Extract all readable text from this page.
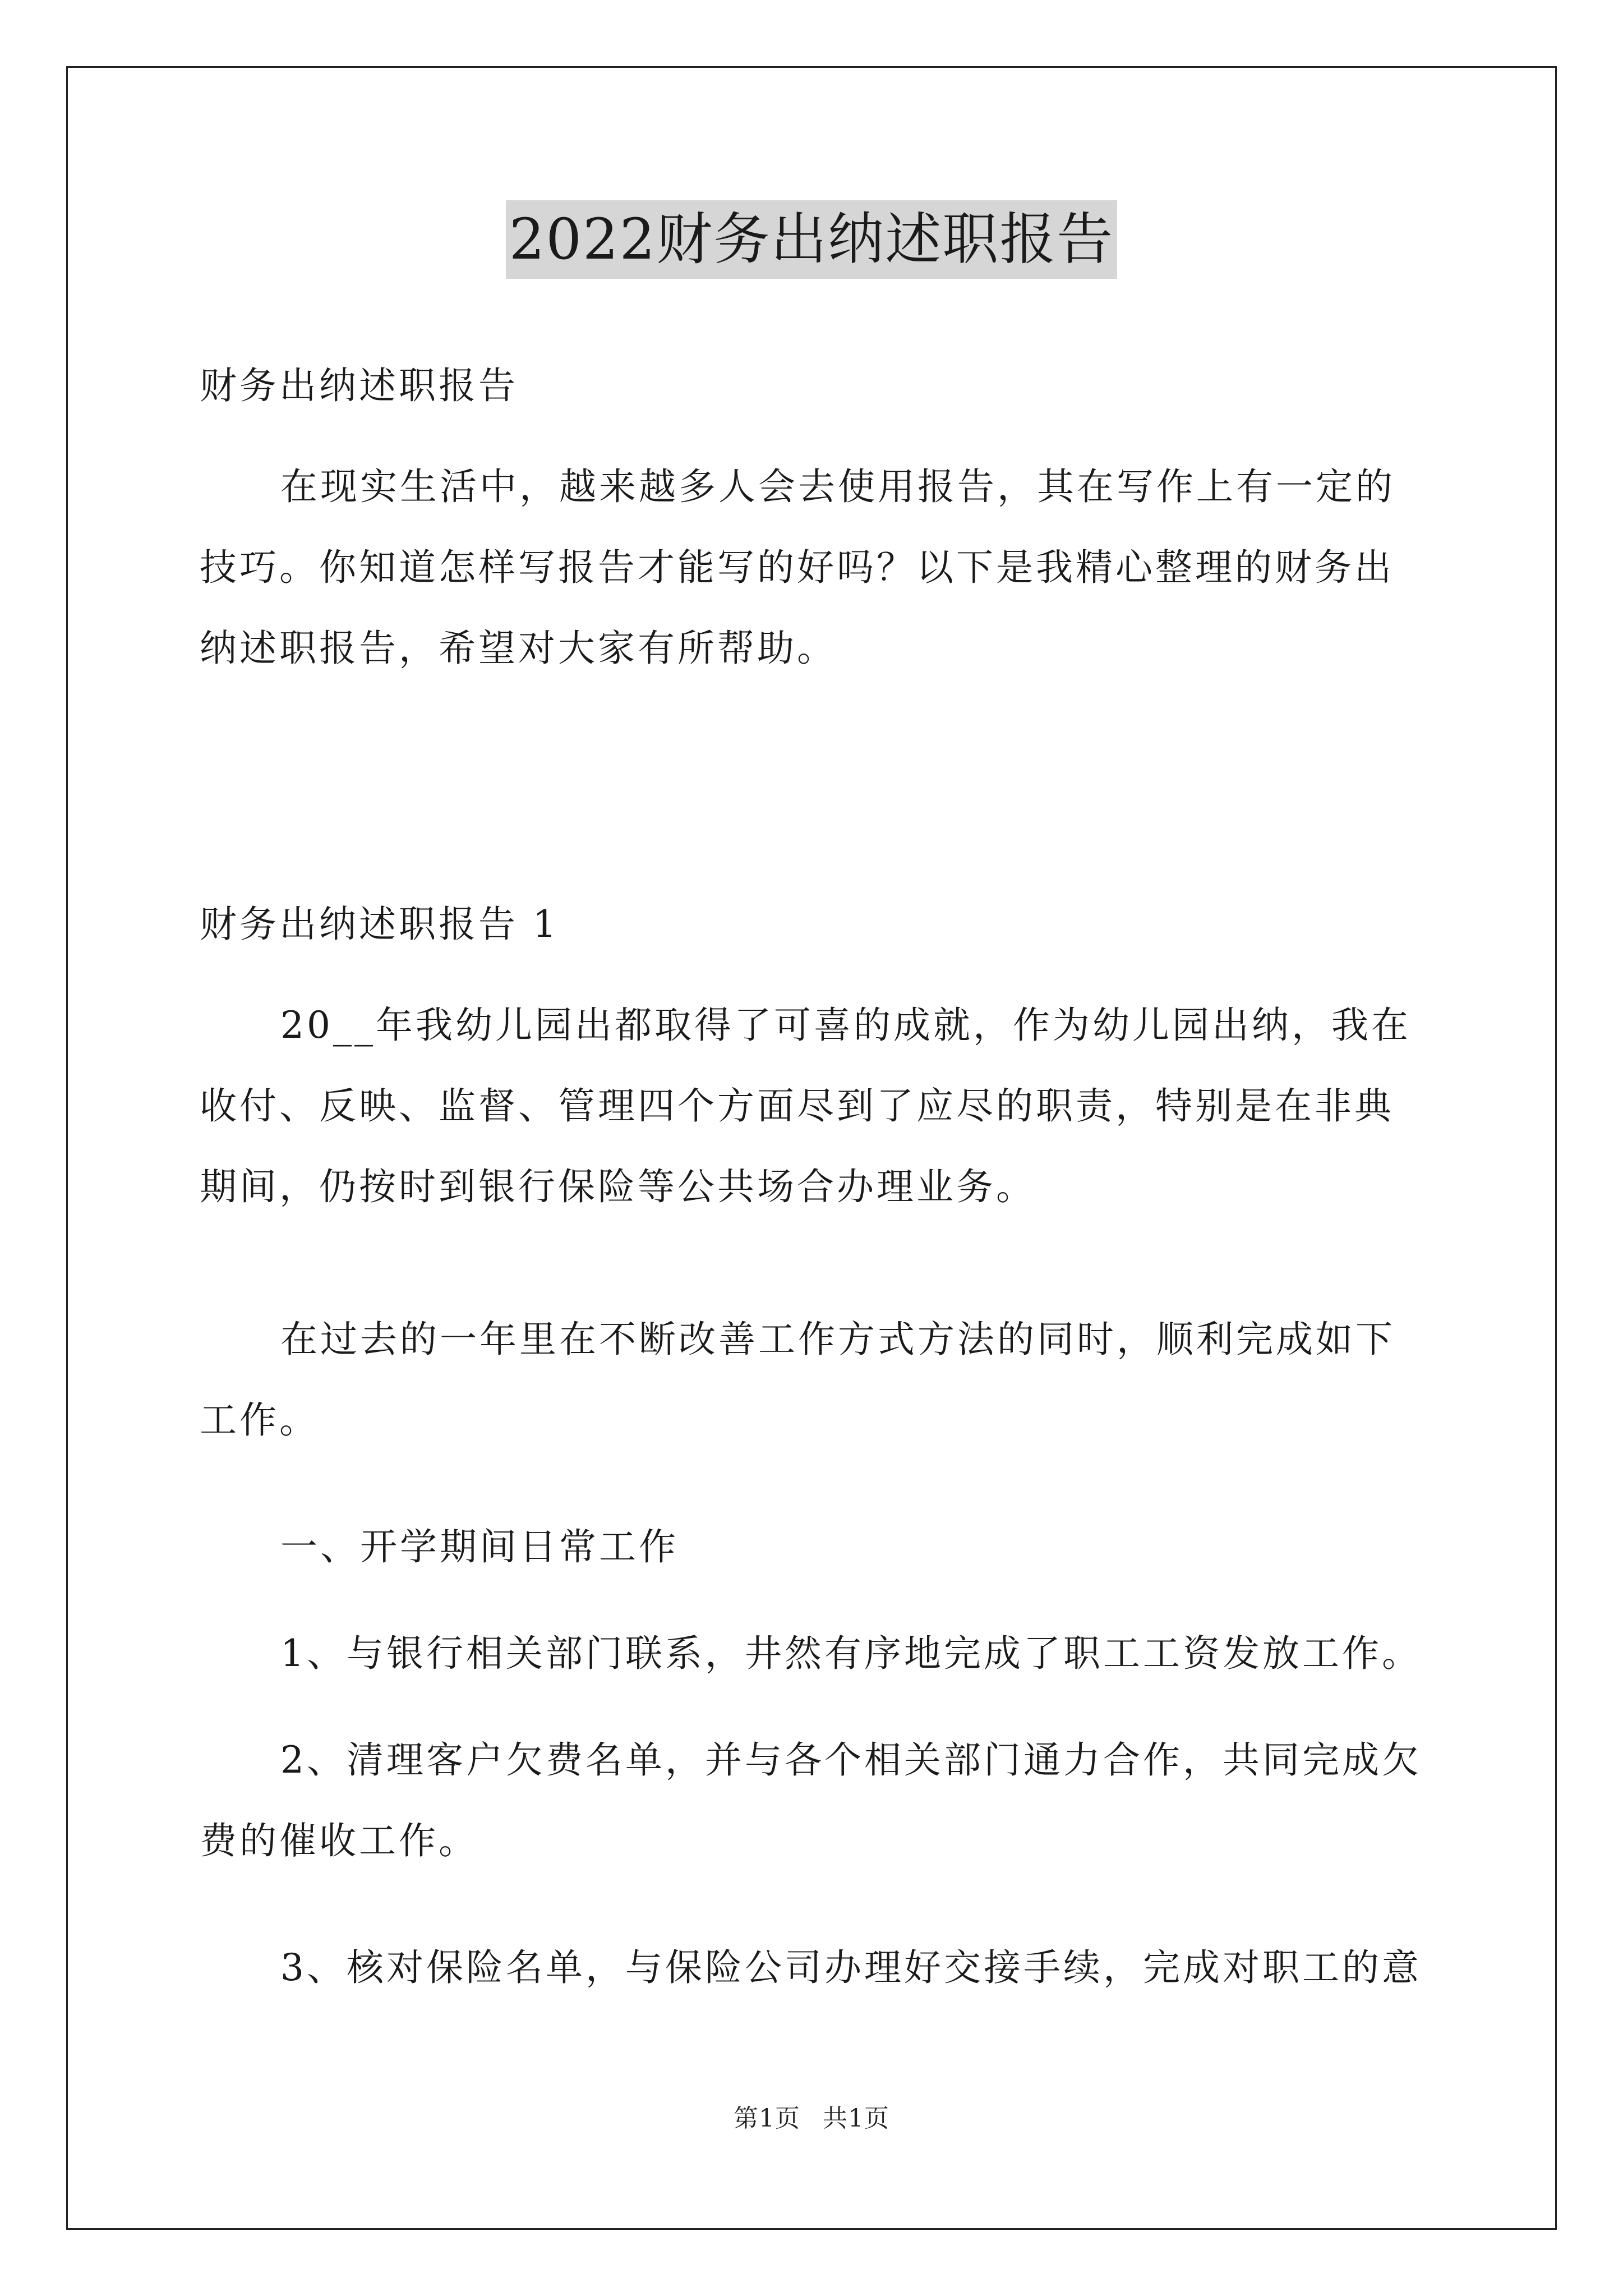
2022财务出纳述职报告

财务出纳述职报告

在现实生活中，越来越多人会去使用报告，其在写作上有一定的技巧。你知道怎样写报告才能写的好吗？以下是我精心整理的财务出纳述职报告，希望对大家有所帮助。

财务出纳述职报告 1

20__年我幼儿园出都取得了可喜的成就，作为幼儿园出纳，我在收付、反映、监督、管理四个方面尽到了应尽的职责，特别是在非典期间，仍按时到银行保险等公共场合办理业务。

在过去的一年里在不断改善工作方式方法的同时，顺利完成如下工作。

一、开学期间日常工作

1、与银行相关部门联系，井然有序地完成了职工工资发放工作。

2、清理客户欠费名单，并与各个相关部门通力合作，共同完成欠费的催收工作。

3、核对保险名单，与保险公司办理好交接手续，完成对职工的意

第1页 共1页
